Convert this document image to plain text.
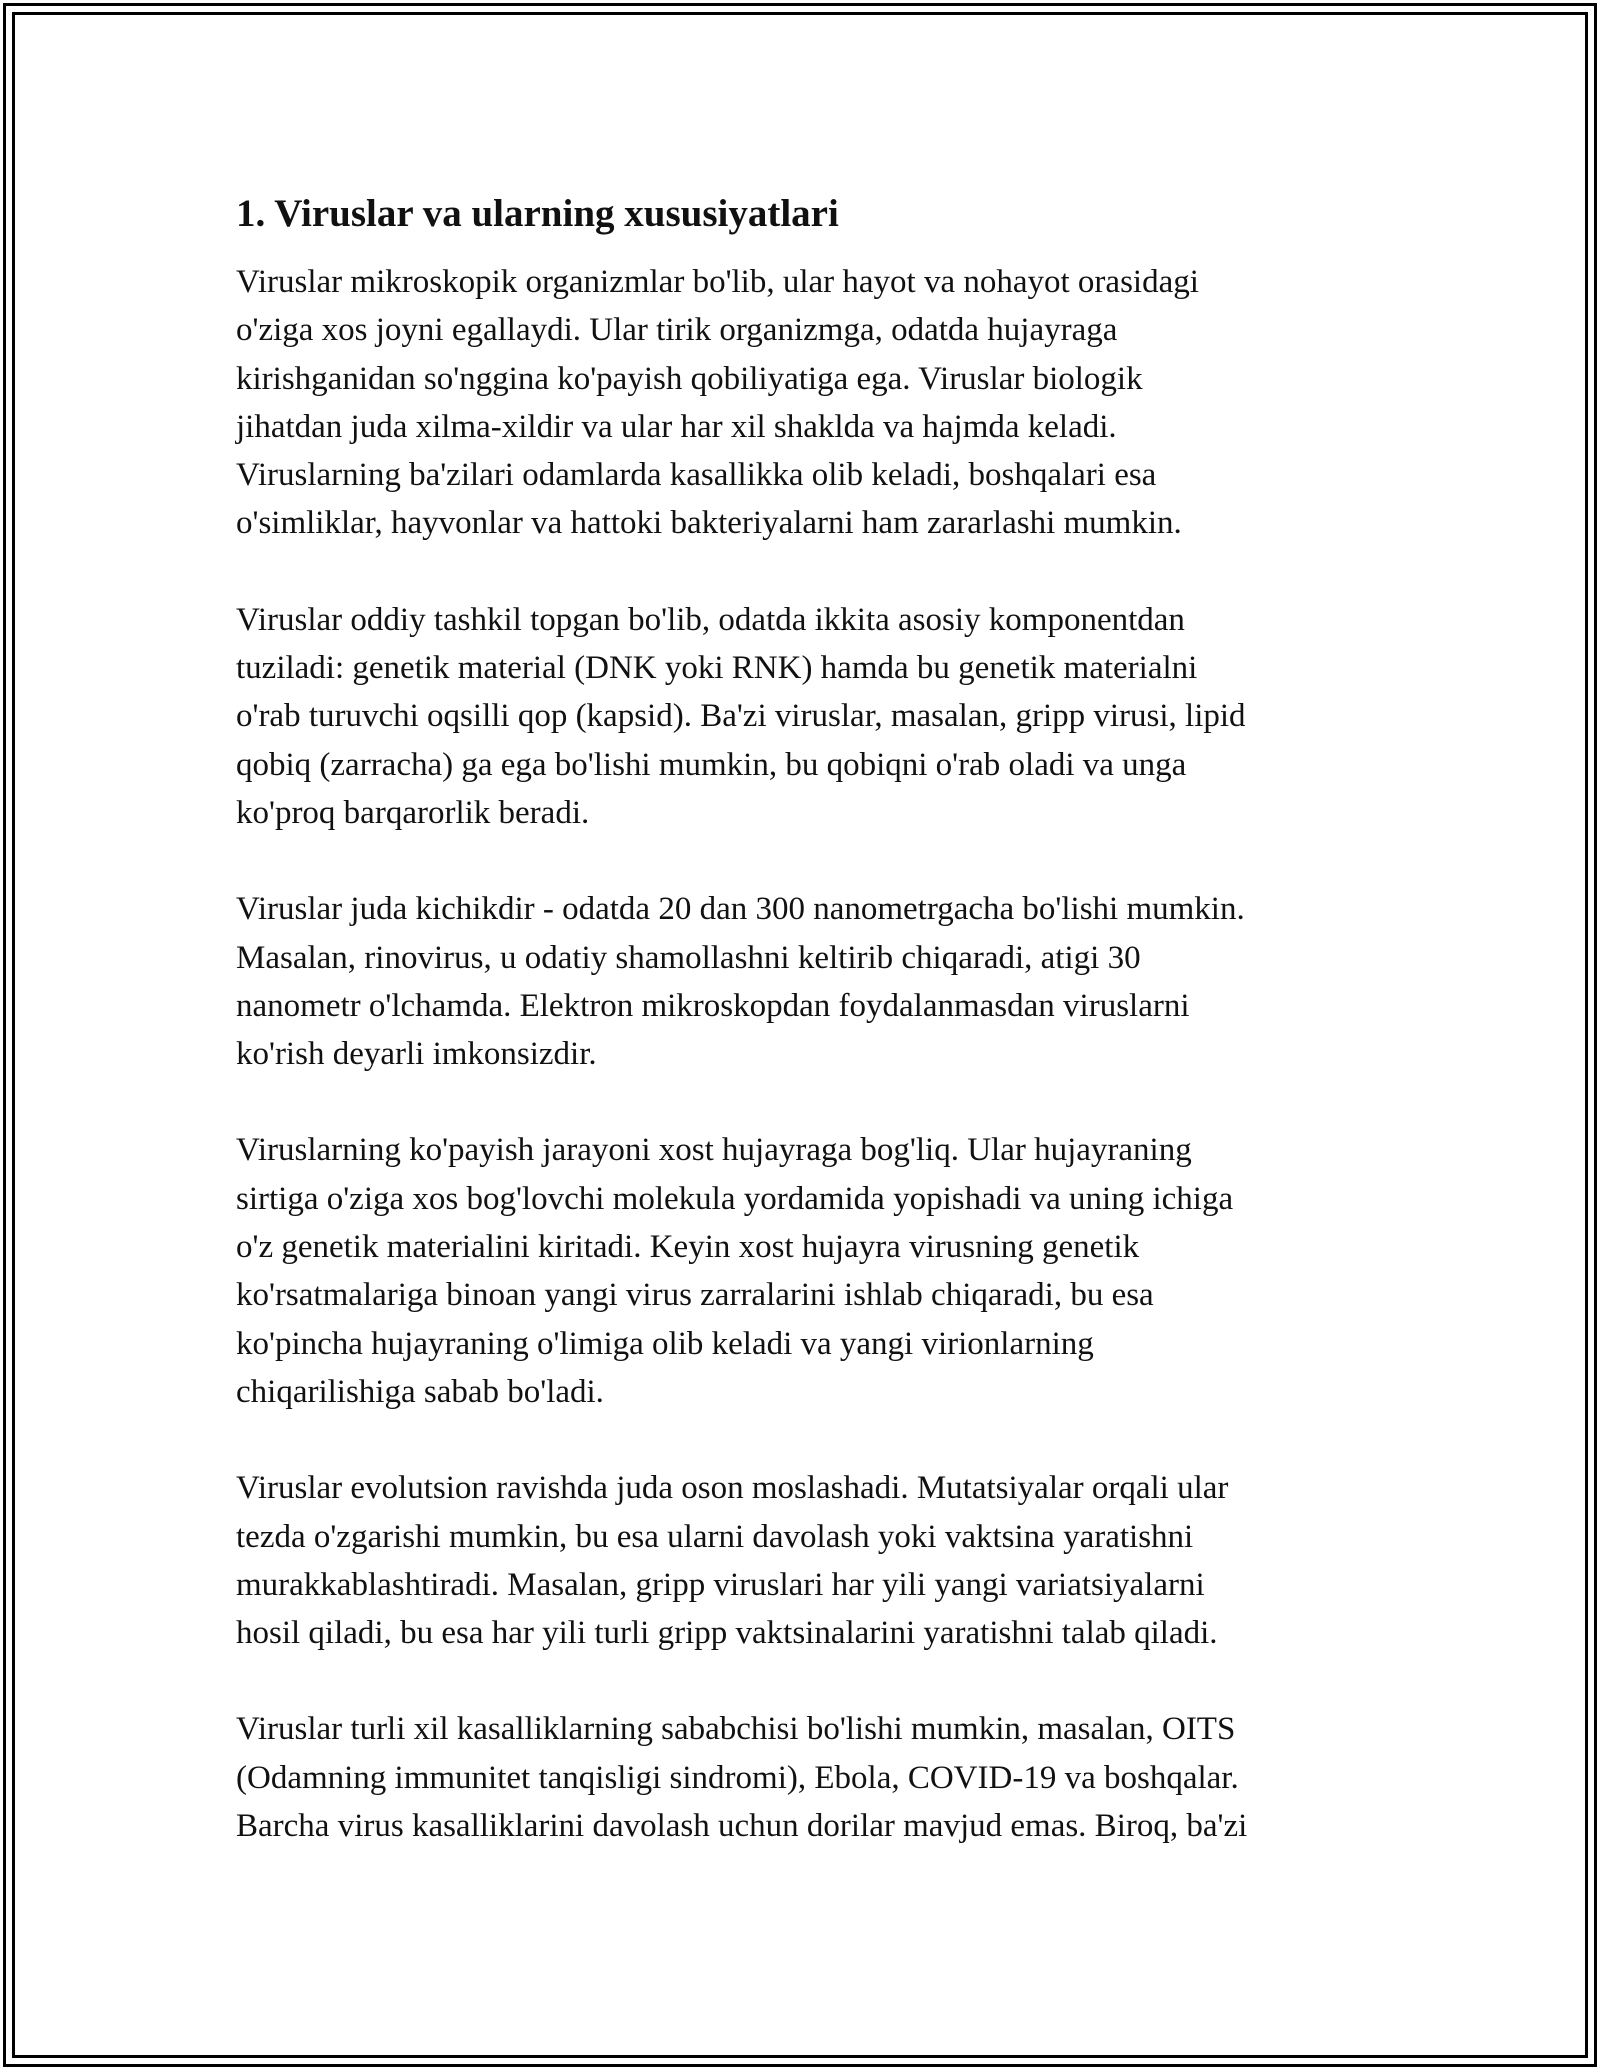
1. Viruslar va ularning xususiyatlari

Viruslar mikroskopik organizmlar bo'lib, ular hayot va nohayot orasidagi
o'ziga xos joyni egallaydi. Ular tirik organizmga, odatda hujayraga
kirishganidan so'nggina ko'payish qobiliyatiga ega. Viruslar biologik
jihatdan juda xilma-xildir va ular har xil shaklda va hajmda keladi.
Viruslarning ba'zilari odamlarda kasallikka olib keladi, boshqalari esa
o'simliklar, hayvonlar va hattoki bakteriyalarni ham zararlashi mumkin.

Viruslar oddiy tashkil topgan bo'lib, odatda ikkita asosiy komponentdan
tuziladi: genetik material (DNK yoki RNK) hamda bu genetik materialni
o'rab turuvchi oqsilli qop (kapsid). Ba'zi viruslar, masalan, gripp virusi, lipid
qobiq (zarracha) ga ega bo'lishi mumkin, bu qobiqni o'rab oladi va unga
ko'proq barqarorlik beradi.

Viruslar juda kichikdir - odatda 20 dan 300 nanometrgacha bo'lishi mumkin.
Masalan, rinovirus, u odatiy shamollashni keltirib chiqaradi, atigi 30
nanometr o'lchamda. Elektron mikroskopdan foydalanmasdan viruslarni
ko'rish deyarli imkonsizdir.

Viruslarning ko'payish jarayoni xost hujayraga bog'liq. Ular hujayraning
sirtiga o'ziga xos bog'lovchi molekula yordamida yopishadi va uning ichiga
o'z genetik materialini kiritadi. Keyin xost hujayra virusning genetik
ko'rsatmalariga binoan yangi virus zarralarini ishlab chiqaradi, bu esa
ko'pincha hujayraning o'limiga olib keladi va yangi virionlarning
chiqarilishiga sabab bo'ladi.

Viruslar evolutsion ravishda juda oson moslashadi. Mutatsiyalar orqali ular
tezda o'zgarishi mumkin, bu esa ularni davolash yoki vaktsina yaratishni
murakkablashtiradi. Masalan, gripp viruslari har yili yangi variatsiyalarni
hosil qiladi, bu esa har yili turli gripp vaktsinalarini yaratishni talab qiladi.

Viruslar turli xil kasalliklarning sababchisi bo'lishi mumkin, masalan, OITS
(Odamning immunitet tanqisligi sindromi), Ebola, COVID-19 va boshqalar.
Barcha virus kasalliklarini davolash uchun dorilar mavjud emas. Biroq, ba'zi
